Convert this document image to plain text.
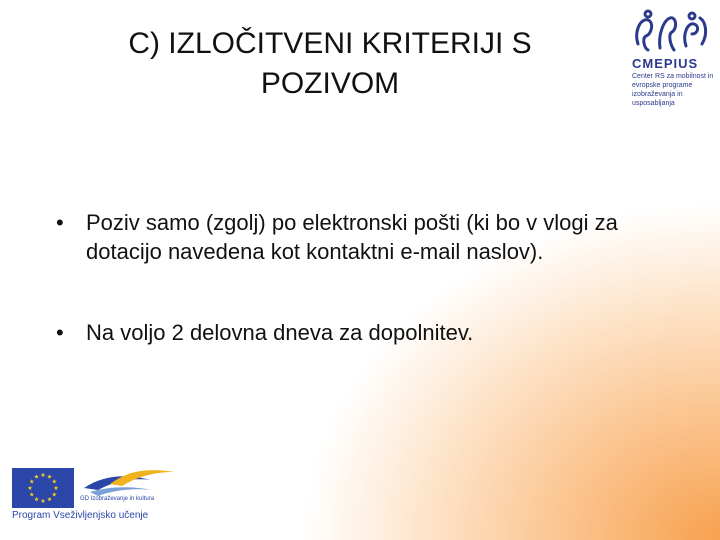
C) IZLOČITVENI KRITERIJI S
POZIVOM
CMEPIUS
Center RS za mobilnost in evropske programe izobraževanja in usposabljanja
• Poziv samo (zgolj) po elektronski pošti (ki bo v vlogi za dotacijo navedena kot kontaktni e-mail naslov).
• Na voljo 2 delovna dneva za dopolnitev.
GD Izobraževanje in kultura
Program Vseživljenjsko učenje
